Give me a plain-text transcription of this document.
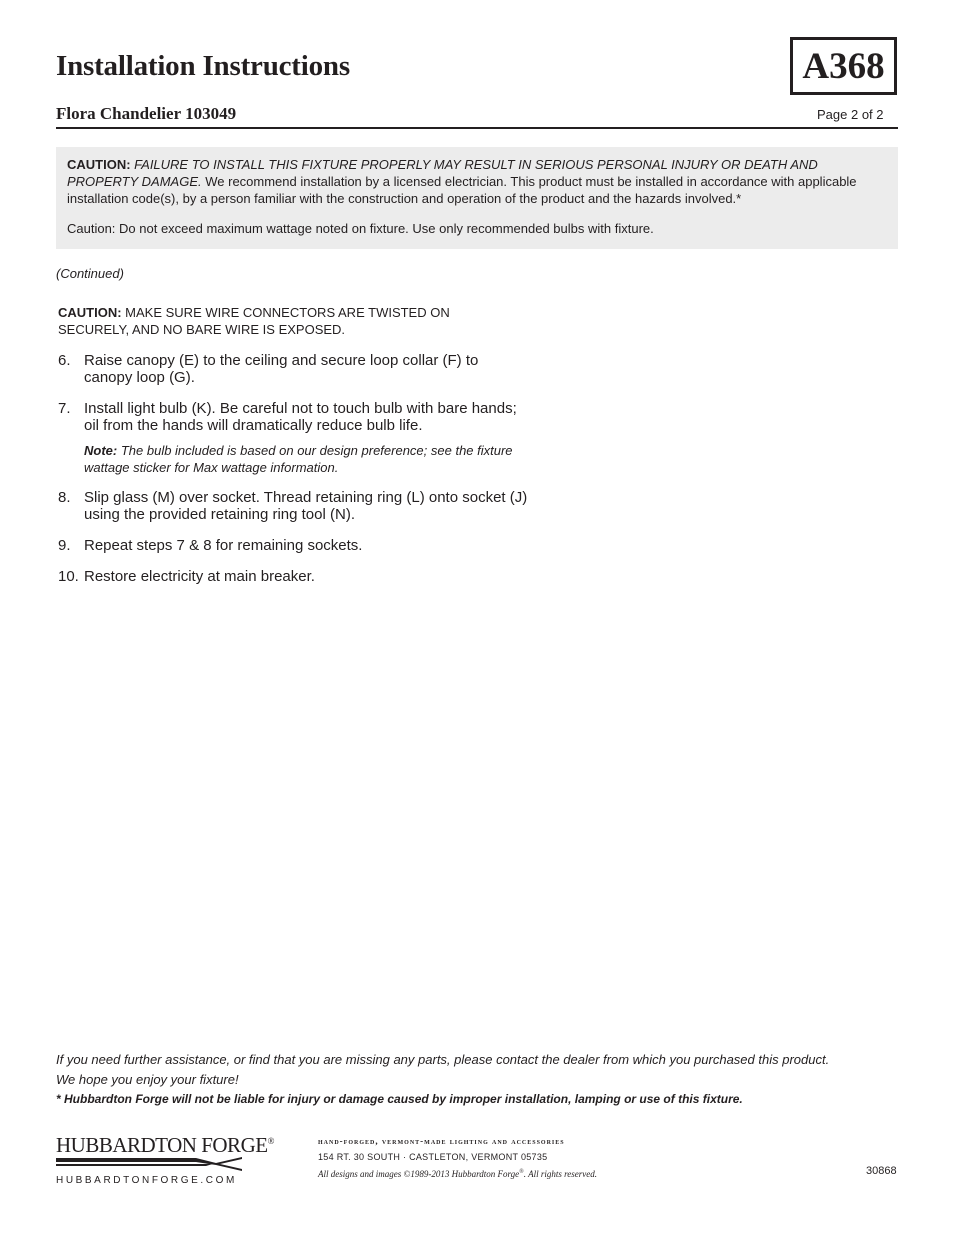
Installation Instructions	A368
Flora Chandelier 103049	Page 2 of 2

CAUTION: FAILURE TO INSTALL THIS FIXTURE PROPERLY MAY RESULT IN SERIOUS PERSONAL INJURY OR DEATH AND PROPERTY DAMAGE. We recommend installation by a licensed electrician. This product must be installed in accordance with applicable installation code(s), by a person familiar with the construction and operation of the product and the hazards involved.*

Caution: Do not exceed maximum wattage noted on fixture. Use only recommended bulbs with fixture.

(Continued)
CAUTION: MAKE SURE WIRE CONNECTORS ARE TWISTED ON SECURELY, AND NO BARE WIRE IS EXPOSED.
6. Raise canopy (E) to the ceiling and secure loop collar (F) to canopy loop (G).
7. Install light bulb (K). Be careful not to touch bulb with bare hands; oil from the hands will dramatically reduce bulb life.
Note: The bulb included is based on our design preference; see the fixture wattage sticker for Max wattage information.
8. Slip glass (M) over socket. Thread retaining ring (L) onto socket (J) using the provided retaining ring tool (N).
9. Repeat steps 7 & 8 for remaining sockets.
10. Restore electricity at main breaker.
If you need further assistance, or find that you are missing any parts, please contact the dealer from which you purchased this product.
We hope you enjoy your fixture!
* Hubbardton Forge will not be liable for injury or damage caused by improper installation, lamping or use of this fixture.
HUBBARDTON FORGE®
HUBBARDTONFORGE.COM
hand-forged, vermont-made lighting and accessories
154 RT. 30 SOUTH · CASTLETON, VERMONT 05735
All designs and images ©1989-2013 Hubbardton Forge®. All rights reserved.	30868
